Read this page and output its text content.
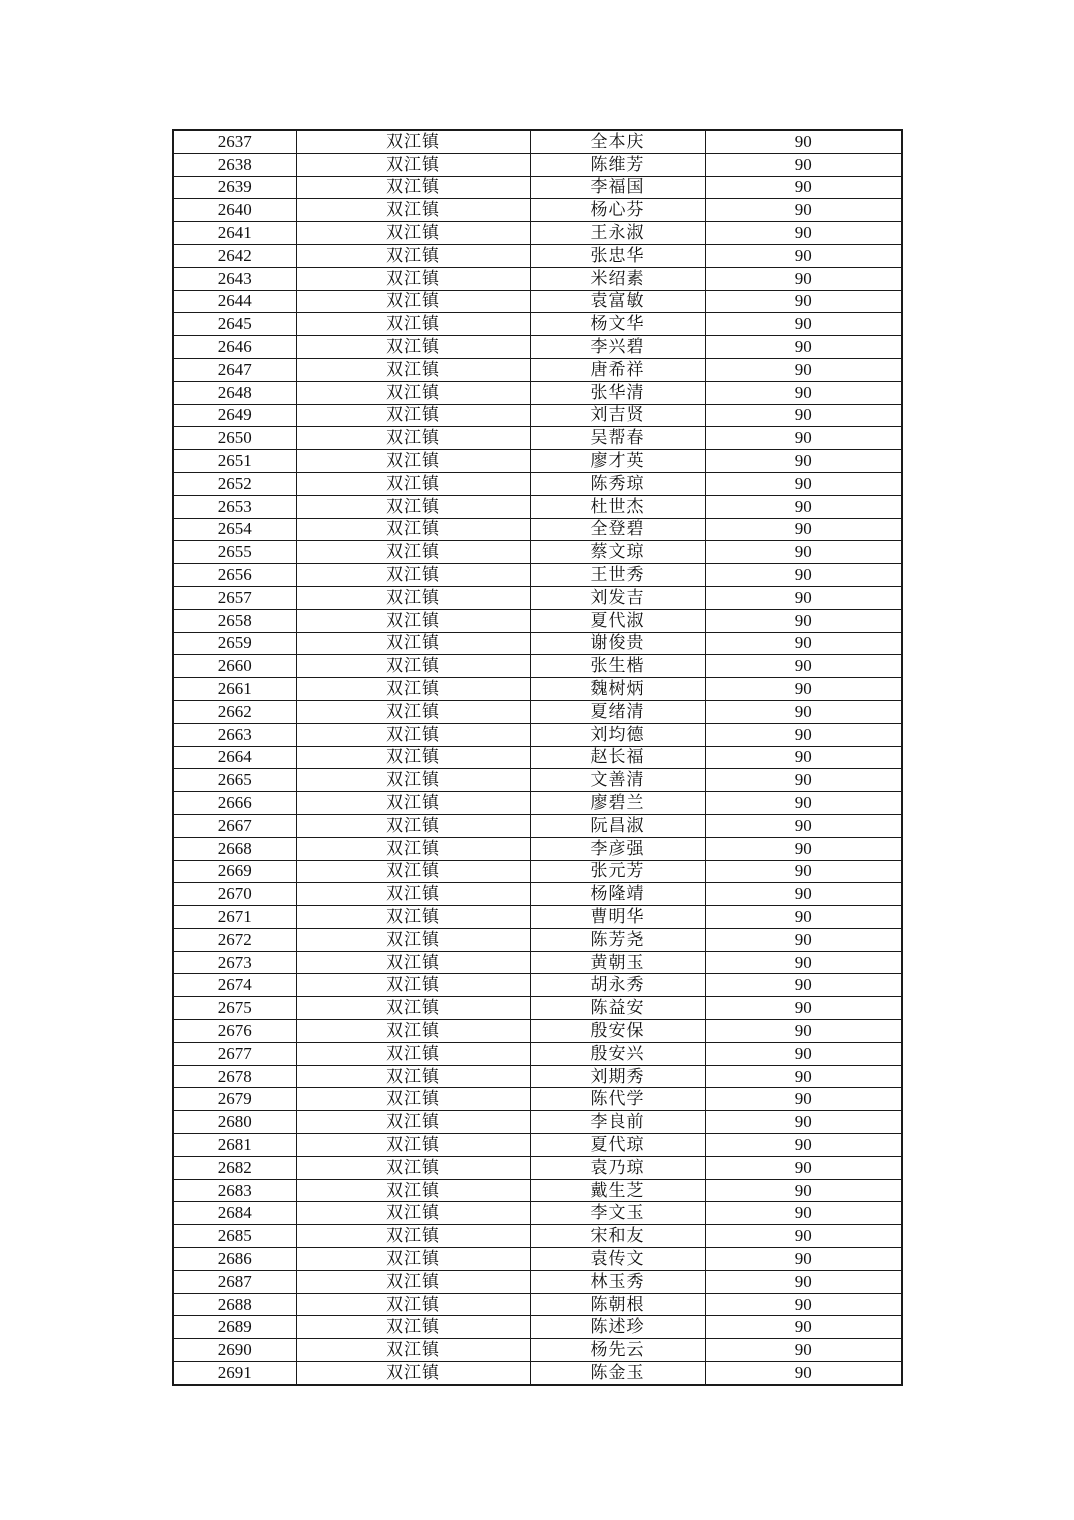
2637	双江镇	全本庆	90
2638	双江镇	陈维芳	90
2639	双江镇	李福国	90
2640	双江镇	杨心芬	90
2641	双江镇	王永淑	90
2642	双江镇	张忠华	90
2643	双江镇	米绍素	90
2644	双江镇	袁富敏	90
2645	双江镇	杨文华	90
2646	双江镇	李兴碧	90
2647	双江镇	唐希祥	90
2648	双江镇	张华清	90
2649	双江镇	刘吉贤	90
2650	双江镇	吴帮春	90
2651	双江镇	廖才英	90
2652	双江镇	陈秀琼	90
2653	双江镇	杜世杰	90
2654	双江镇	全登碧	90
2655	双江镇	蔡文琼	90
2656	双江镇	王世秀	90
2657	双江镇	刘发吉	90
2658	双江镇	夏代淑	90
2659	双江镇	谢俊贵	90
2660	双江镇	张生楷	90
2661	双江镇	魏树炳	90
2662	双江镇	夏绪清	90
2663	双江镇	刘均德	90
2664	双江镇	赵长福	90
2665	双江镇	文善清	90
2666	双江镇	廖碧兰	90
2667	双江镇	阮昌淑	90
2668	双江镇	李彦强	90
2669	双江镇	张元芳	90
2670	双江镇	杨隆靖	90
2671	双江镇	曹明华	90
2672	双江镇	陈芳尧	90
2673	双江镇	黄朝玉	90
2674	双江镇	胡永秀	90
2675	双江镇	陈益安	90
2676	双江镇	殷安保	90
2677	双江镇	殷安兴	90
2678	双江镇	刘期秀	90
2679	双江镇	陈代学	90
2680	双江镇	李良前	90
2681	双江镇	夏代琼	90
2682	双江镇	袁乃琼	90
2683	双江镇	戴生芝	90
2684	双江镇	李文玉	90
2685	双江镇	宋和友	90
2686	双江镇	袁传文	90
2687	双江镇	林玉秀	90
2688	双江镇	陈朝根	90
2689	双江镇	陈述珍	90
2690	双江镇	杨先云	90
2691	双江镇	陈金玉	90
